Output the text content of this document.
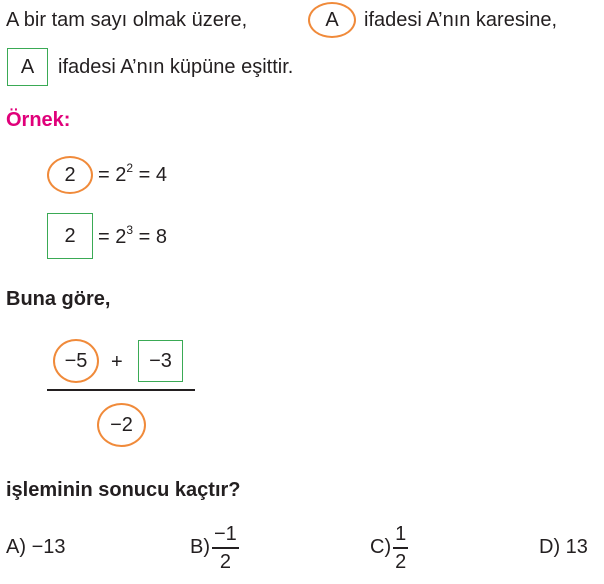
A bir tam sayı olmak üzere,	A ifadesi A’nın karesine,
A ifadesi A’nın küpüne eşittir.
Örnek:
$2 = 2^2 = 4$
$2 = 2^3 = 8$
Buna göre,
−5 + −3
−2
işleminin sonucu kaçtır?
A)
−13	$B) \frac{-1}{2}$	$C) \frac{1}{2}$	D)
13
